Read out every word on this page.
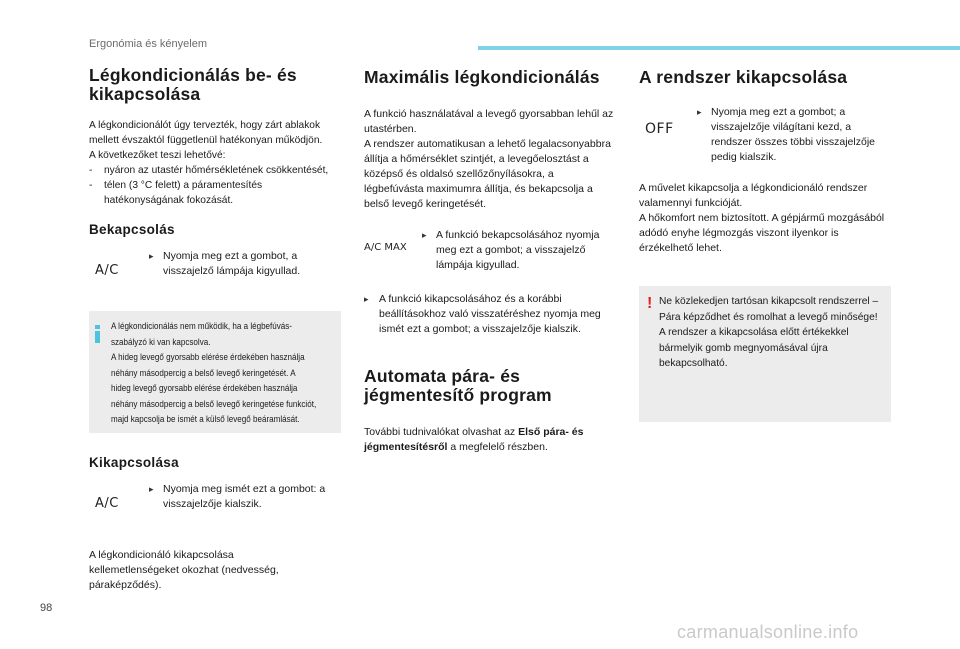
Ergonómia és kényelem
Légkondicionálás be- és kikapcsolása

A légkondicionálót úgy tervezték, hogy zárt ablakok mellett évszaktól függetlenül hatékonyan működjön.
A következőket teszi lehetővé:

- nyáron az utastér hőmérsékletének csökkentését,
- télen (3 °C felett) a páramentesítés hatékonyságának fokozását.
Bekapcsolás
A/C
▸ Nyomja meg ezt a gombot, a visszajelző lámpája kigyullad.

A légkondicionálás nem működik, ha a légbefúvás-

szabályzó ki van kapcsolva.

A hideg levegő gyorsabb elérése érdekében használja

néhány másodpercig a belső levegő keringetését. A

hideg levegő gyorsabb elérése érdekében használja

néhány másodpercig a belső levegő keringetése funkciót,

majd kapcsolja be ismét a külső levegő beáramlását.

Kikapcsolása
A/C
▸ Nyomja meg ismét ezt a gombot: a visszajelzője kialszik.

A légkondicionáló kikapcsolása kellemetlenségeket okozhat (nedvesség, páraképződés).

Maximális légkondicionálás

A funkció használatával a levegő gyorsabban lehűl az utastérben.
A rendszer automatikusan a lehető legalacsonyabbra állítja a hőmérséklet szintjét, a levegőelosztást a középső és oldalsó szellőzőnyílásokra, a légbefúvásta maximumra állítja, és bekapcsolja a belső levegő keringetését.

A/C MAX
▸ A funkció bekapcsolásához nyomja meg ezt a gombot; a visszajelző lámpája kigyullad.
▸ A funkció kikapcsolásához és a korábbi beállításokhoz való visszatéréshez nyomja meg ismét ezt a gombot; a visszajelzője kialszik.
Automata pára- és jégmentesítő program

További tudnivalókat olvashat az Első pára- és jégmentesítésről a megfelelő részben.

A rendszer kikapcsolása
OFF
▸ Nyomja meg ezt a gombot; a visszajelzője világítani kezd, a rendszer összes többi visszajelzője pedig kialszik.

A művelet kikapcsolja a légkondicionáló rendszer valamennyi funkcióját.
A hőkomfort nem biztosított. A gépjármű mozgásából adódó enyhe légmozgás viszont ilyenkor is érzékelhető lehet.

! Ne közlekedjen tartósan kikapcsolt rendszerrel – Pára képződhet és romolhat a levegő minősége!
A rendszer a kikapcsolása előtt értékekkel bármelyik gomb megnyomásával újra bekapcsolható.

98
carmanualsonline.info
